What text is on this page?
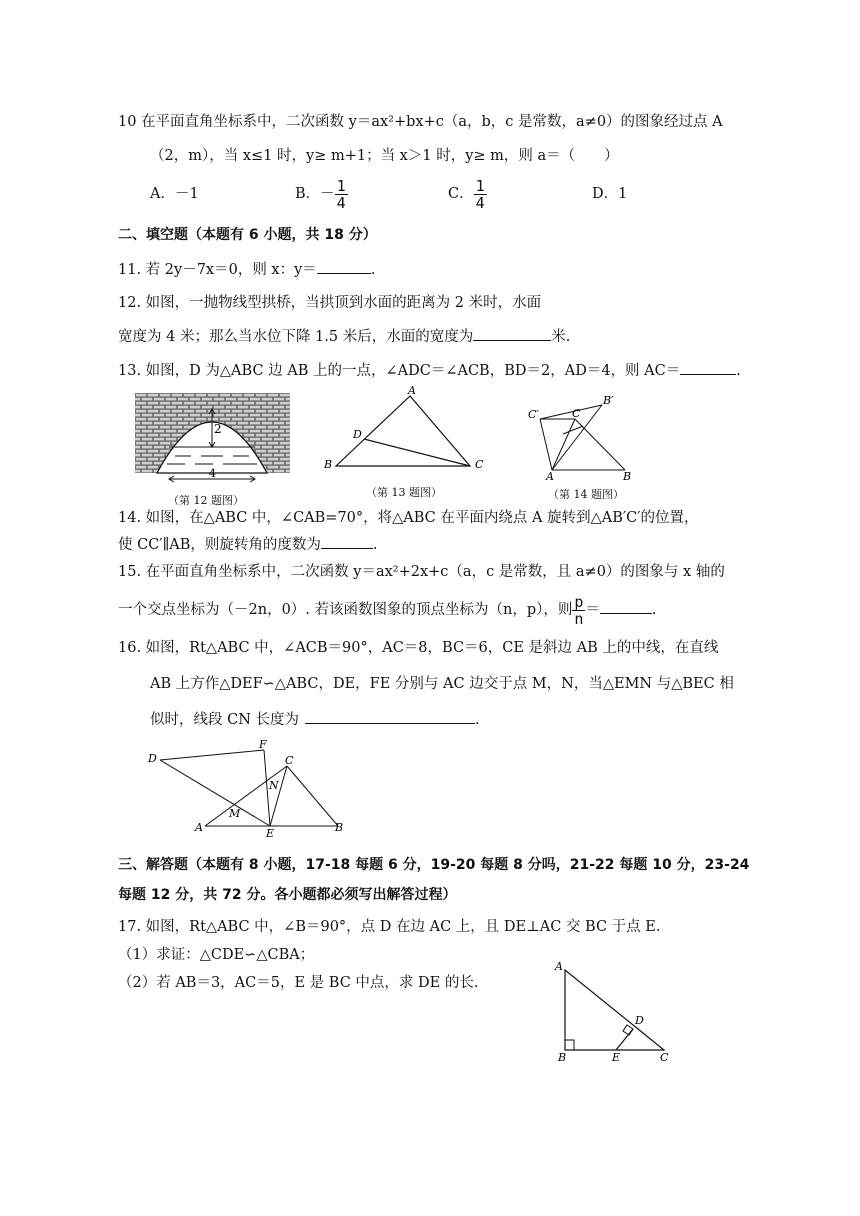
10 在平面直角坐标系中，二次函数 y＝ax²+bx+c（a，b，c 是常数，a≠0）的图象经过点 A
（2，m），当 x≤1 时，y≥ m+1；当 x＞1 时，y≥ m，则 a＝（　　）
A．－1	B．－ $\frac{1}{4}$	C． $\frac{1}{4}$	D．1
二、填空题（本题有 6 小题，共 18 分）
11. 若 2y－7x＝0，则 x：y＝	.
12. 如图，一抛物线型拱桥，当拱顶到水面的距离为 2 米时，水面
宽度为 4 米；那么当水位下降 1.5 米后，水面的宽度为	米.
13. 如图，D 为△ABC 边 AB 上的一点，∠ADC＝∠ACB，BD＝2，AD＝4，则 AC＝	.
2
4
（第 12 题图）
A
D
B	C
（第 13 题图）
C′	C
B′
A	B
（第 14 题图）
14. 如图，在△ABC 中，∠CAB=70°，将△ABC 在平面内绕点 A 旋转到△AB′C′的位置，
使 CC′∥AB，则旋转角的度数为	.
15. 在平面直角坐标系中，二次函数 y＝ax²+2x+c（a，c 是常数，且 a≠0）的图象与 x 轴的
一个交点坐标为（－2n，0）. 若该函数图象的顶点坐标为（n，p），则 $\frac{p}{n}$ ＝	.
16. 如图，Rt△ABC 中，∠ACB＝90°，AC＝8，BC＝6，CE 是斜边 AB 上的中线，在直线
AB 上方作△DEF∽△ABC，DE，FE 分别与 AC 边交于点 M，N，当△EMN 与△BEC 相
似时，线段 CN 长度为	.
D
F
C
N
M
A	E	B
三、解答题（本题有 8 小题，17-18 每题 6 分，19-20 每题 8 分吗，21-22 每题 10 分，23-24
每题 12 分，共 72 分。各小题都必须写出解答过程）
17. 如图，Rt△ABC 中，∠B＝90°，点 D 在边 AC 上，且 DE⊥AC 交 BC 于点 E.
（1）求证：△CDE∽△CBA；
（2）若 AB＝3，AC＝5，E 是 BC 中点，求 DE 的长.
A
D
B	E	C
